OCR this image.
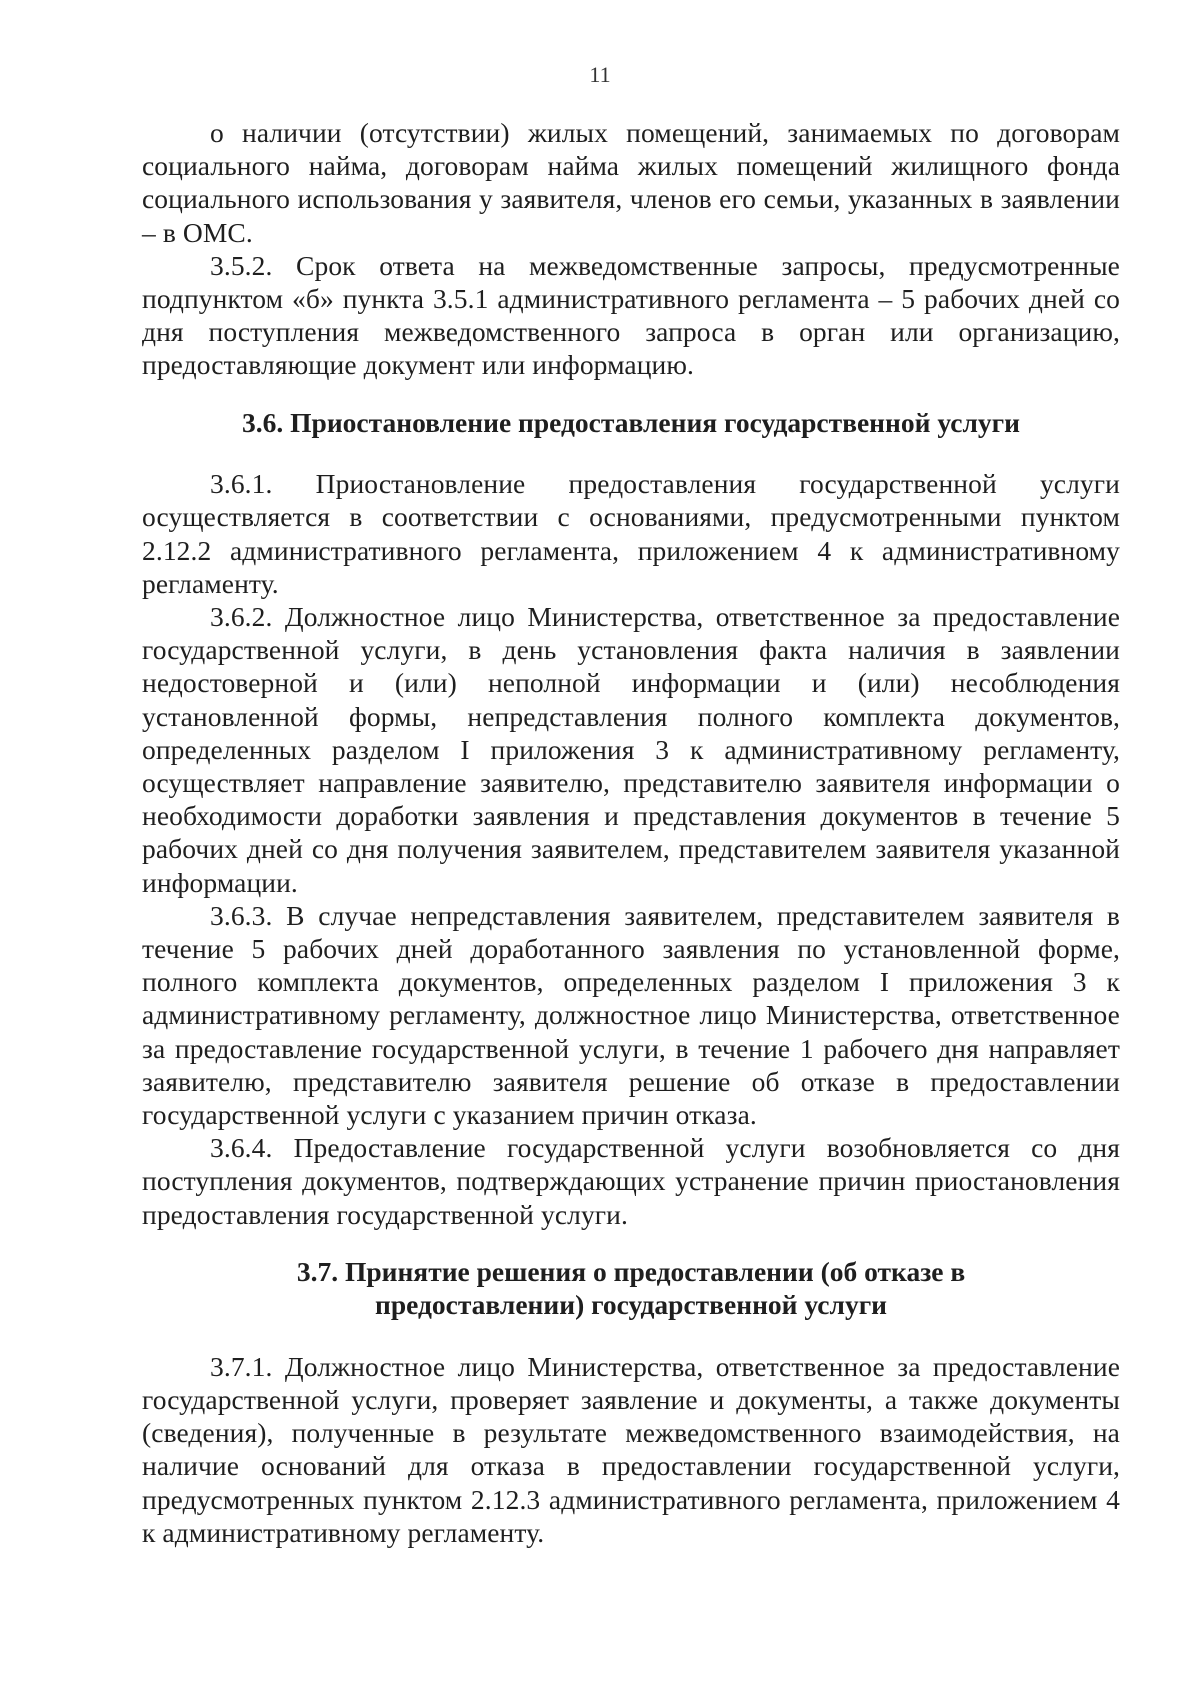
11

о наличии (отсутствии) жилых помещений, занимаемых по договорам социального найма, договорам найма жилых помещений жилищного фонда социального использования у заявителя, членов его семьи, указанных в заявлении – в ОМС.

3.5.2. Срок ответа на межведомственные запросы, предусмотренные подпунктом «б» пункта 3.5.1 административного регламента – 5 рабочих дней со дня поступления межведомственного запроса в орган или организацию, предоставляющие документ или информацию.

3.6. Приостановление предоставления государственной услуги

3.6.1. Приостановление предоставления государственной услуги осуществляется в соответствии с основаниями, предусмотренными пунктом 2.12.2 административного регламента, приложением 4 к административному регламенту.

3.6.2. Должностное лицо Министерства, ответственное за предоставление государственной услуги, в день установления факта наличия в заявлении недостоверной и (или) неполной информации и (или) несоблюдения установленной формы, непредставления полного комплекта документов, определенных разделом I приложения 3 к административному регламенту, осуществляет направление заявителю, представителю заявителя информации о необходимости доработки заявления и представления документов в течение 5 рабочих дней со дня получения заявителем, представителем заявителя указанной информации.

3.6.3. В случае непредставления заявителем, представителем заявителя в течение 5 рабочих дней доработанного заявления по установленной форме, полного комплекта документов, определенных разделом I приложения 3 к административному регламенту, должностное лицо Министерства, ответственное за предоставление государственной услуги, в течение 1 рабочего дня направляет заявителю, представителю заявителя решение об отказе в предоставлении государственной услуги с указанием причин отказа.

3.6.4. Предоставление государственной услуги возобновляется со дня поступления документов, подтверждающих устранение причин приостановления предоставления государственной услуги.

3.7. Принятие решения о предоставлении (об отказе в предоставлении) государственной услуги

3.7.1. Должностное лицо Министерства, ответственное за предоставление государственной услуги, проверяет заявление и документы, а также документы (сведения), полученные в результате межведомственного взаимодействия, на наличие оснований для отказа в предоставлении государственной услуги, предусмотренных пунктом 2.12.3 административного регламента, приложением 4 к административному регламенту.
